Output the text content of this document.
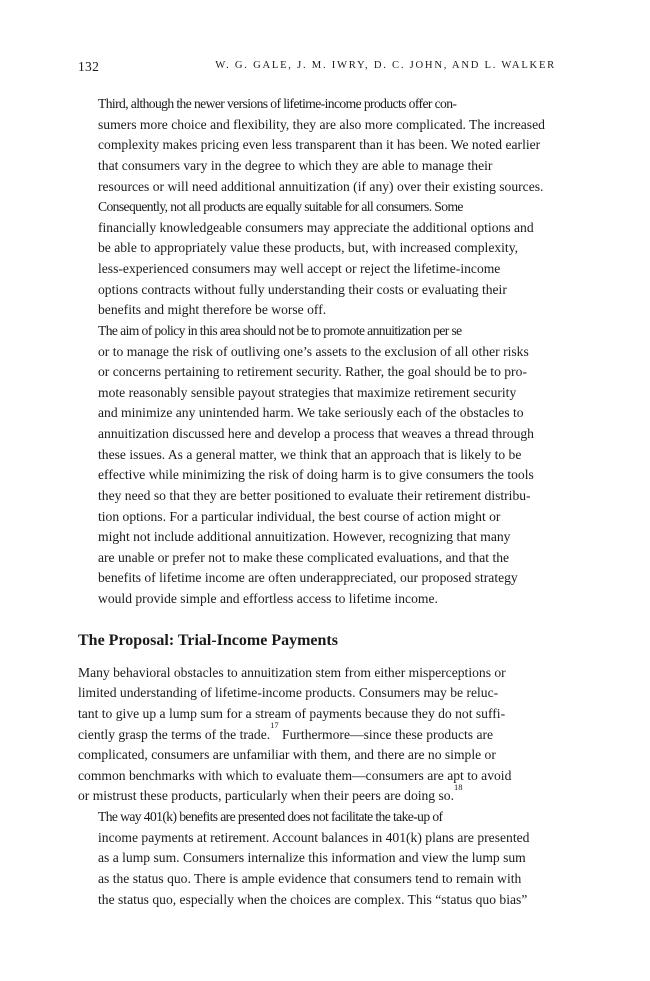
132	W. G. GALE, J. M. IWRY, D. C. JOHN, AND L. WALKER

Third, although the newer versions of lifetime-income products offer con-
sumers more choice and flexibility, they are also more complicated. The increased
complexity makes pricing even less transparent than it has been. We noted earlier
that consumers vary in the degree to which they are able to manage their
resources or will need additional annuitization (if any) over their existing sources.

Consequently, not all products are equally suitable for all consumers. Some
financially knowledgeable consumers may appreciate the additional options and
be able to appropriately value these products, but, with increased complexity,
less-experienced consumers may well accept or reject the lifetime-income
options contracts without fully understanding their costs or evaluating their
benefits and might therefore be worse off.

The aim of policy in this area should not be to promote annuitization per se
or to manage the risk of outliving one’s assets to the exclusion of all other risks
or concerns pertaining to retirement security. Rather, the goal should be to pro-
mote reasonably sensible payout strategies that maximize retirement security
and minimize any unintended harm. We take seriously each of the obstacles to
annuitization discussed here and develop a process that weaves a thread through
these issues. As a general matter, we think that an approach that is likely to be
effective while minimizing the risk of doing harm is to give consumers the tools
they need so that they are better positioned to evaluate their retirement distribu-
tion options. For a particular individual, the best course of action might or
might not include additional annuitization. However, recognizing that many
are unable or prefer not to make these complicated evaluations, and that the
benefits of lifetime income are often underappreciated, our proposed strategy
would provide simple and effortless access to lifetime income.

The Proposal: Trial-Income Payments

Many behavioral obstacles to annuitization stem from either misperceptions or
limited understanding of lifetime-income products. Consumers may be reluc-
tant to give up a lump sum for a stream of payments because they do not suffi-
ciently grasp the terms of the trade.$^{17}$ Furthermore—since these products are
complicated, consumers are unfamiliar with them, and there are no simple or
common benchmarks with which to evaluate them—consumers are apt to avoid
or mistrust these products, particularly when their peers are doing so.$^{18}$

The way 401(k) benefits are presented does not facilitate the take-up of
income payments at retirement. Account balances in 401(k) plans are presented
as a lump sum. Consumers internalize this information and view the lump sum
as the status quo. There is ample evidence that consumers tend to remain with
the status quo, especially when the choices are complex. This “status quo bias”
